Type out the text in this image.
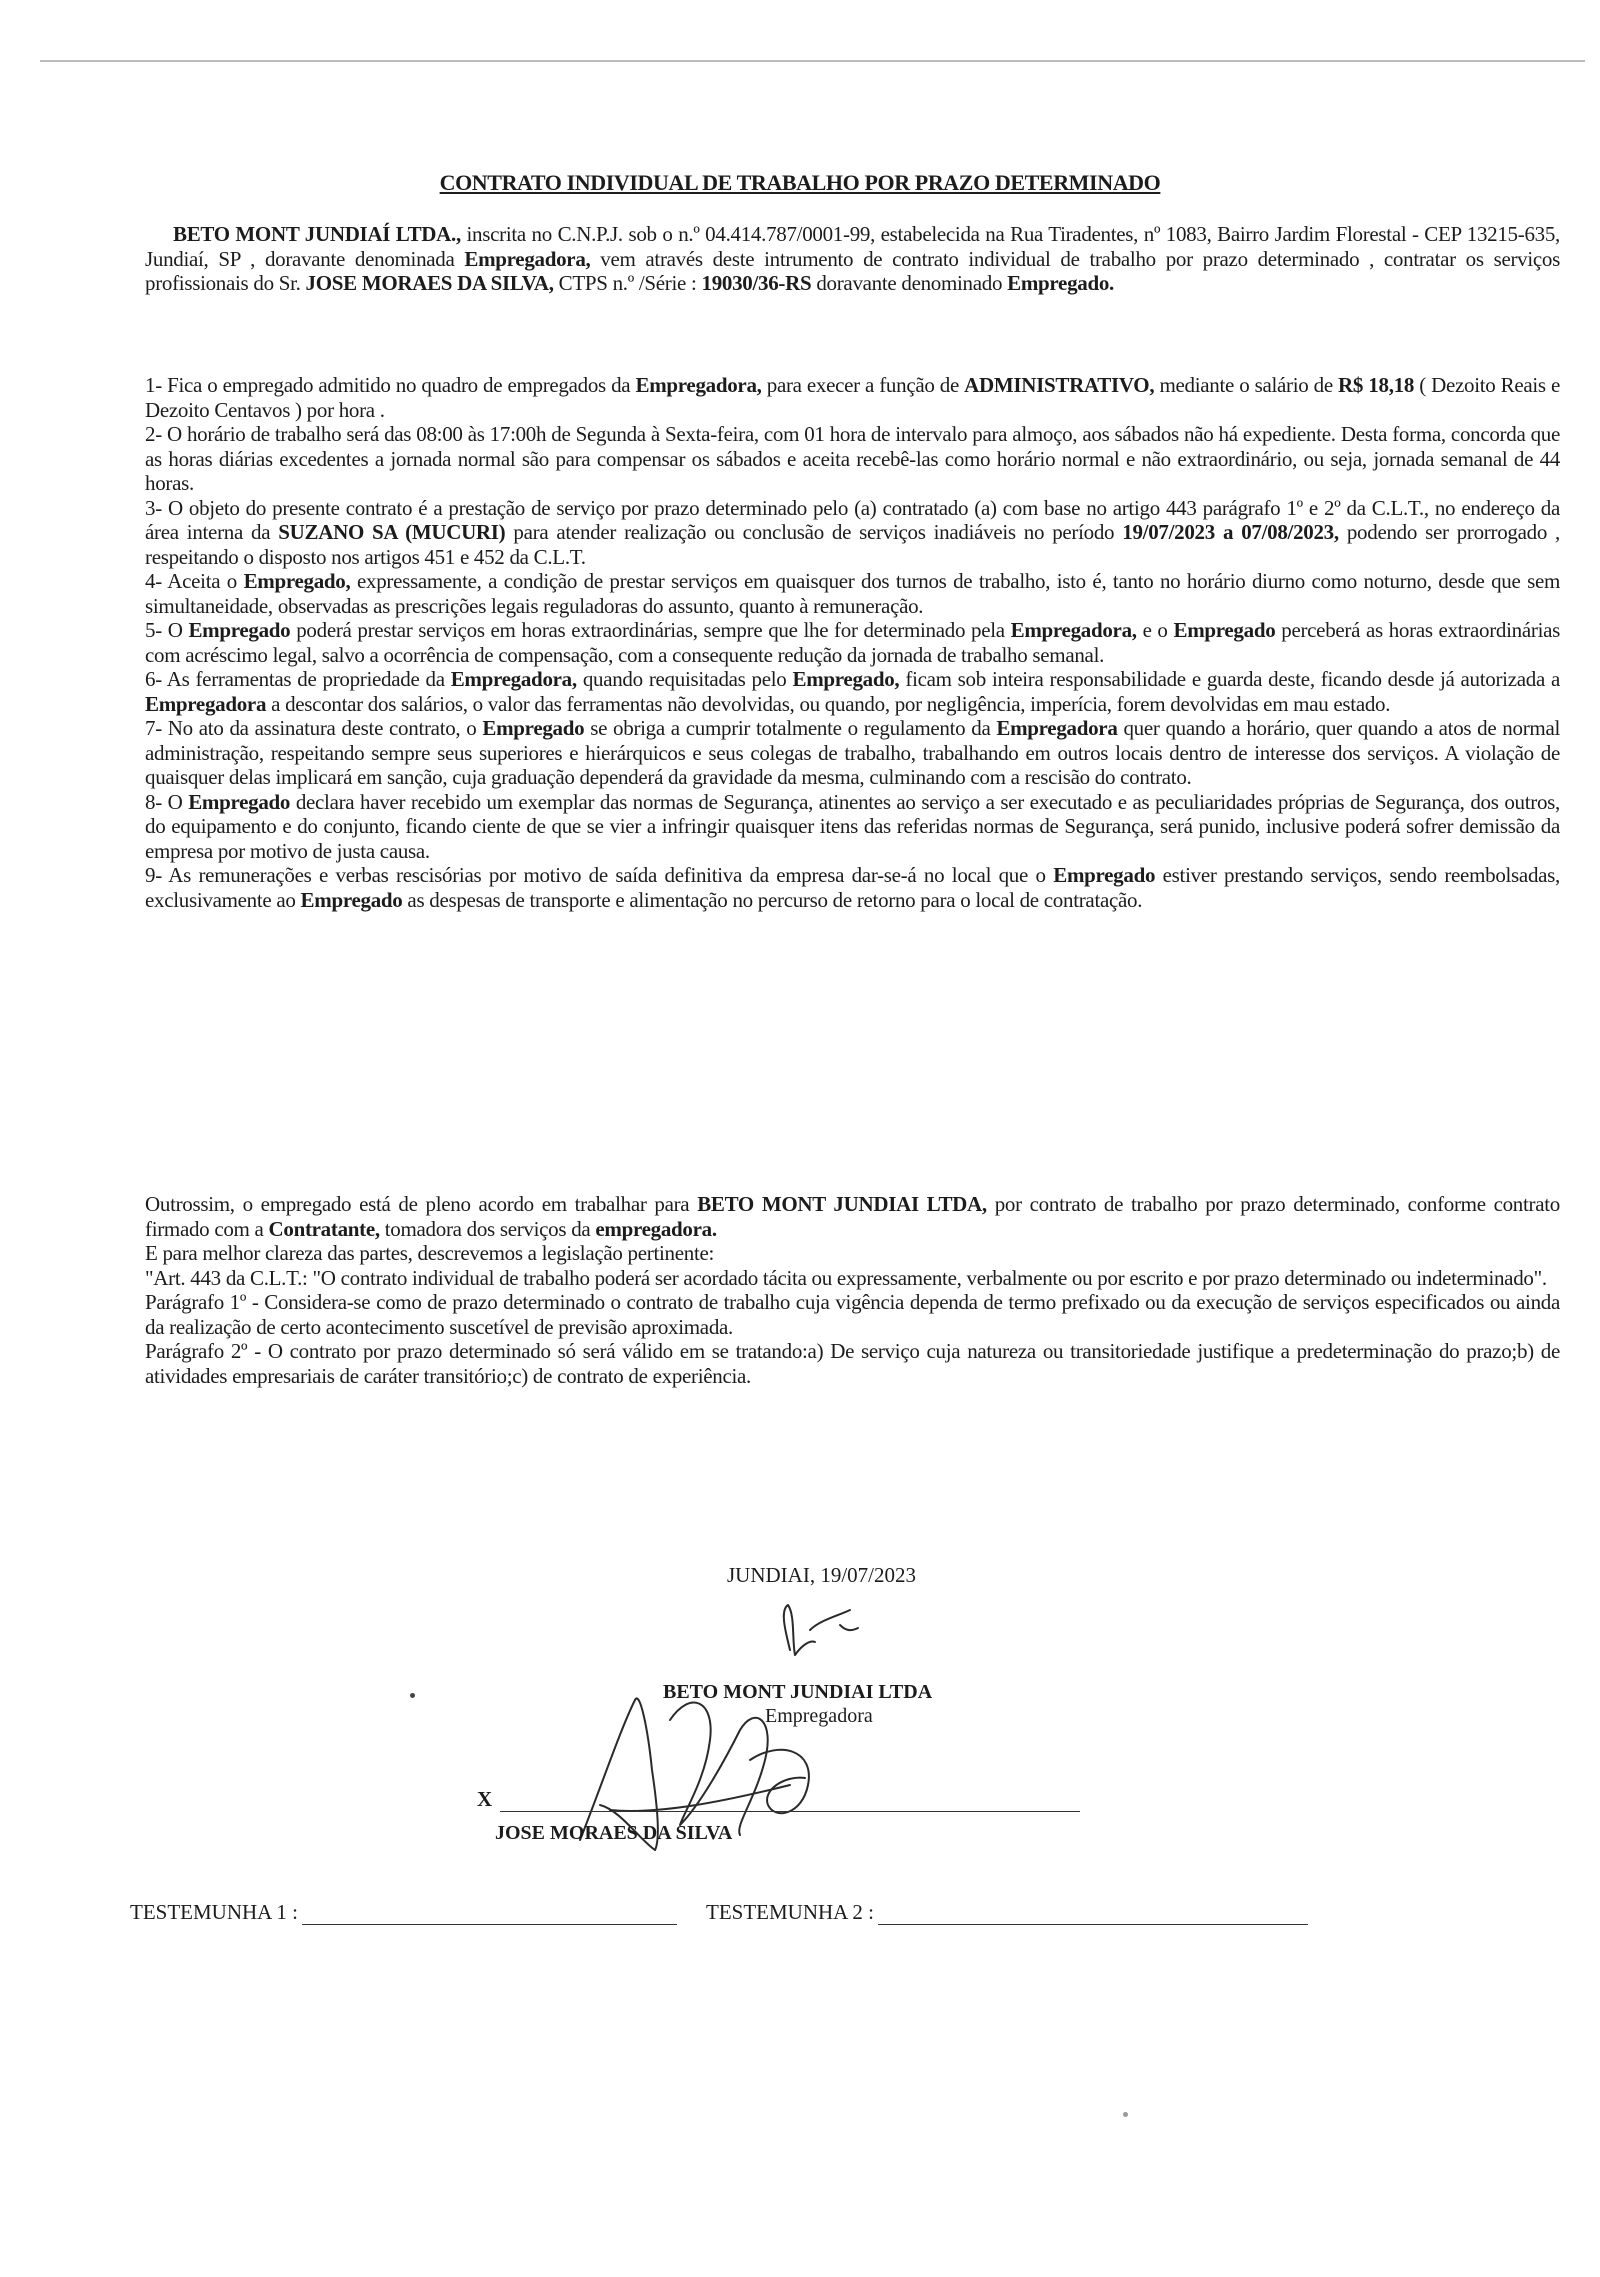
CONTRATO INDIVIDUAL DE TRABALHO POR PRAZO DETERMINADO
BETO MONT JUNDIAÍ LTDA., inscrita no C.N.P.J. sob o n.º 04.414.787/0001-99, estabelecida na Rua Tiradentes, nº 1083, Bairro Jardim Florestal - CEP 13215-635, Jundiaí, SP , doravante denominada Empregadora, vem através deste intrumento de contrato individual de trabalho por prazo determinado , contratar os serviços profissionais do Sr. JOSE MORAES DA SILVA, CTPS n.º /Série : 19030/36-RS doravante denominado Empregado.

1- Fica o empregado admitido no quadro de empregados da Empregadora, para execer a função de ADMINISTRATIVO, mediante o salário de R$ 18,18 ( Dezoito Reais e Dezoito Centavos ) por hora .

2- O horário de trabalho será das 08:00 às 17:00h de Segunda à Sexta-feira, com 01 hora de intervalo para almoço, aos sábados não há expediente. Desta forma, concorda que as horas diárias excedentes a jornada normal são para compensar os sábados e aceita recebê-las como horário normal e não extraordinário, ou seja, jornada semanal de 44 horas.

3- O objeto do presente contrato é a prestação de serviço por prazo determinado pelo (a) contratado (a) com base no artigo 443 parágrafo 1º e 2º da C.L.T., no endereço da área interna da SUZANO SA (MUCURI) para atender realização ou conclusão de serviços inadiáveis no período 19/07/2023 a 07/08/2023, podendo ser prorrogado , respeitando o disposto nos artigos 451 e 452 da C.L.T.

4- Aceita o Empregado, expressamente, a condição de prestar serviços em quaisquer dos turnos de trabalho, isto é, tanto no horário diurno como noturno, desde que sem simultaneidade, observadas as prescrições legais reguladoras do assunto, quanto à remuneração.

5- O Empregado poderá prestar serviços em horas extraordinárias, sempre que lhe for determinado pela Empregadora, e o Empregado perceberá as horas extraordinárias com acréscimo legal, salvo a ocorrência de compensação, com a consequente redução da jornada de trabalho semanal.

6- As ferramentas de propriedade da Empregadora, quando requisitadas pelo Empregado, ficam sob inteira responsabilidade e guarda deste, ficando desde já autorizada a Empregadora a descontar dos salários, o valor das ferramentas não devolvidas, ou quando, por negligência, imperícia, forem devolvidas em mau estado.

7- No ato da assinatura deste contrato, o Empregado se obriga a cumprir totalmente o regulamento da Empregadora quer quando a horário, quer quando a atos de normal administração, respeitando sempre seus superiores e hierárquicos e seus colegas de trabalho, trabalhando em outros locais dentro de interesse dos serviços. A violação de quaisquer delas implicará em sanção, cuja graduação dependerá da gravidade da mesma, culminando com a rescisão do contrato.

8- O Empregado declara haver recebido um exemplar das normas de Segurança, atinentes ao serviço a ser executado e as peculiaridades próprias de Segurança, dos outros, do equipamento e do conjunto, ficando ciente de que se vier a infringir quaisquer itens das referidas normas de Segurança, será punido, inclusive poderá sofrer demissão da empresa por motivo de justa causa.

9- As remunerações e verbas rescisórias por motivo de saída definitiva da empresa dar-se-á no local que o Empregado estiver prestando serviços, sendo reembolsadas, exclusivamente ao Empregado as despesas de transporte e alimentação no percurso de retorno para o local de contratação.

Outrossim, o empregado está de pleno acordo em trabalhar para BETO MONT JUNDIAI LTDA, por contrato de trabalho por prazo determinado, conforme contrato firmado com a Contratante, tomadora dos serviços da empregadora.

E para melhor clareza das partes, descrevemos a legislação pertinente:

"Art. 443 da C.L.T.: "O contrato individual de trabalho poderá ser acordado tácita ou expressamente, verbalmente ou por escrito e por prazo determinado ou indeterminado".

Parágrafo 1º - Considera-se como de prazo determinado o contrato de trabalho cuja vigência dependa de termo prefixado ou da execução de serviços especificados ou ainda da realização de certo acontecimento suscetível de previsão aproximada.

Parágrafo 2º - O contrato por prazo determinado só será válido em se tratando:a) De serviço cuja natureza ou transitoriedade justifique a predeterminação do prazo;b) de atividades empresariais de caráter transitório;c) de contrato de experiência.

JUNDIAI, 19/07/2023
BETO MONT JUNDIAI LTDA
Empregadora
X
JOSE MORAES DA SILVA
TESTEMUNHA 1 :	TESTEMUNHA 2 :
